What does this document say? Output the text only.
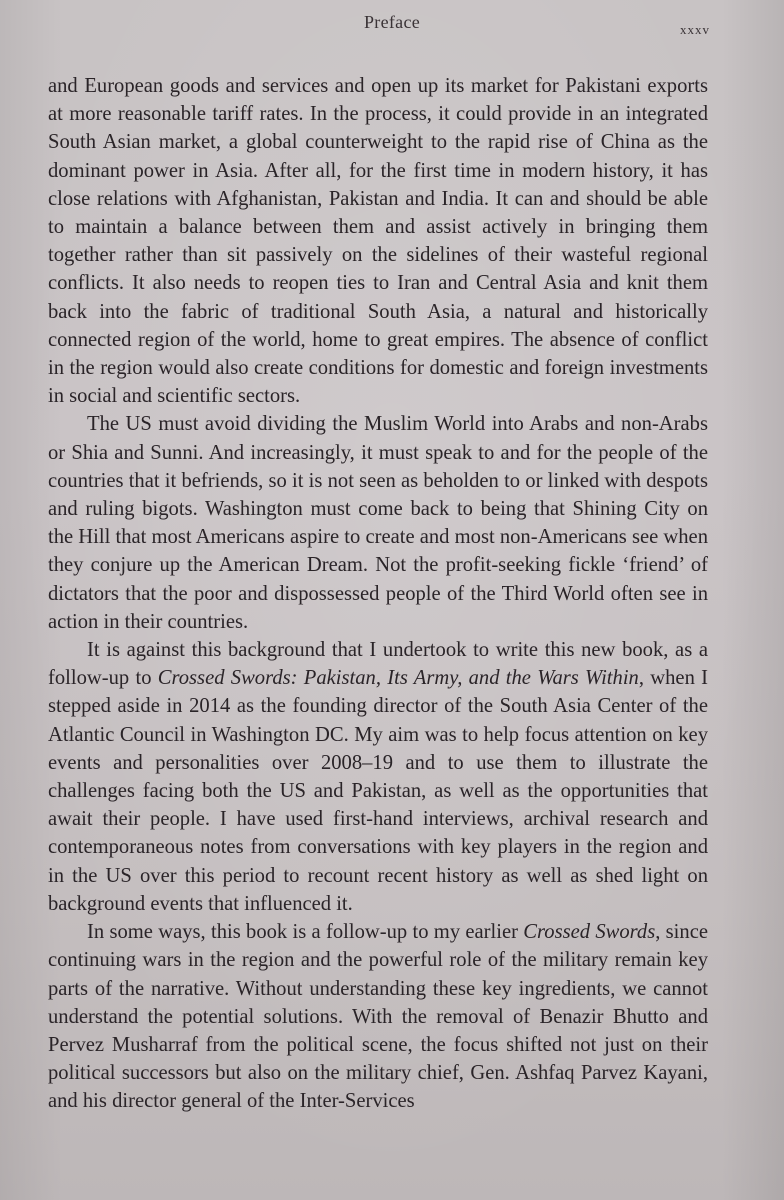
Preface	xxxv

and European goods and services and open up its market for Pakistani exports at more reasonable tariff rates. In the process, it could provide in an integrated South Asian market, a global counterweight to the rapid rise of China as the dominant power in Asia. After all, for the first time in modern history, it has close relations with Afghanistan, Pakistan and India. It can and should be able to maintain a balance between them and assist actively in bringing them together rather than sit passively on the sidelines of their wasteful regional conflicts. It also needs to reopen ties to Iran and Central Asia and knit them back into the fabric of traditional South Asia, a natural and historically connected region of the world, home to great empires. The absence of conflict in the region would also create conditions for domestic and foreign investments in social and scientific sectors.

The US must avoid dividing the Muslim World into Arabs and non-Arabs or Shia and Sunni. And increasingly, it must speak to and for the people of the countries that it befriends, so it is not seen as beholden to or linked with despots and ruling bigots. Washington must come back to being that Shining City on the Hill that most Americans aspire to create and most non-Americans see when they conjure up the American Dream. Not the profit-seeking fickle ‘friend’ of dictators that the poor and dispossessed people of the Third World often see in action in their countries.

It is against this background that I undertook to write this new book, as a follow-up to Crossed Swords: Pakistan, Its Army, and the Wars Within, when I stepped aside in 2014 as the founding director of the South Asia Center of the Atlantic Council in Washington DC. My aim was to help focus attention on key events and personalities over 2008–19 and to use them to illustrate the challenges facing both the US and Pakistan, as well as the opportunities that await their people. I have used first-hand interviews, archival research and contemporaneous notes from conversations with key players in the region and in the US over this period to recount recent history as well as shed light on background events that influenced it.

In some ways, this book is a follow-up to my earlier Crossed Swords, since continuing wars in the region and the powerful role of the military remain key parts of the narrative. Without understanding these key ingredients, we cannot understand the potential solutions. With the removal of Benazir Bhutto and Pervez Musharraf from the political scene, the focus shifted not just on their political successors but also on the military chief, Gen. Ashfaq Parvez Kayani, and his director general of the Inter-Services
